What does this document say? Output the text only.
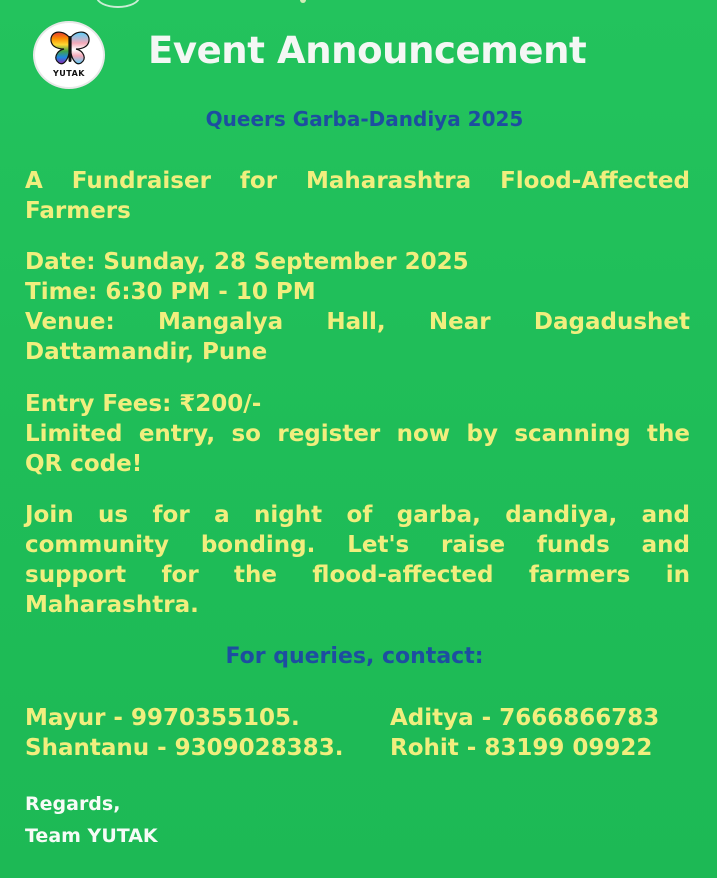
YUTAK
Event Announcement
Queers Garba-Dandiya 2025
A Fundraiser for Maharashtra Flood-Affected
Farmers
Date: Sunday, 28 September 2025
Time: 6:30 PM - 10 PM
Venue: Mangalya Hall, Near Dagadushet
Dattamandir, Pune
Entry Fees: ₹200/-
Limited entry, so register now by scanning the
QR code!
Join us for a night of garba, dandiya, and
community bonding. Let's raise funds and
support for the flood-affected farmers in
Maharashtra.
For queries, contact:
Mayur - 9970355105.	Aditya - 7666866783
Shantanu - 9309028383.	Rohit - 83199 09922
Regards,
Team YUTAK
